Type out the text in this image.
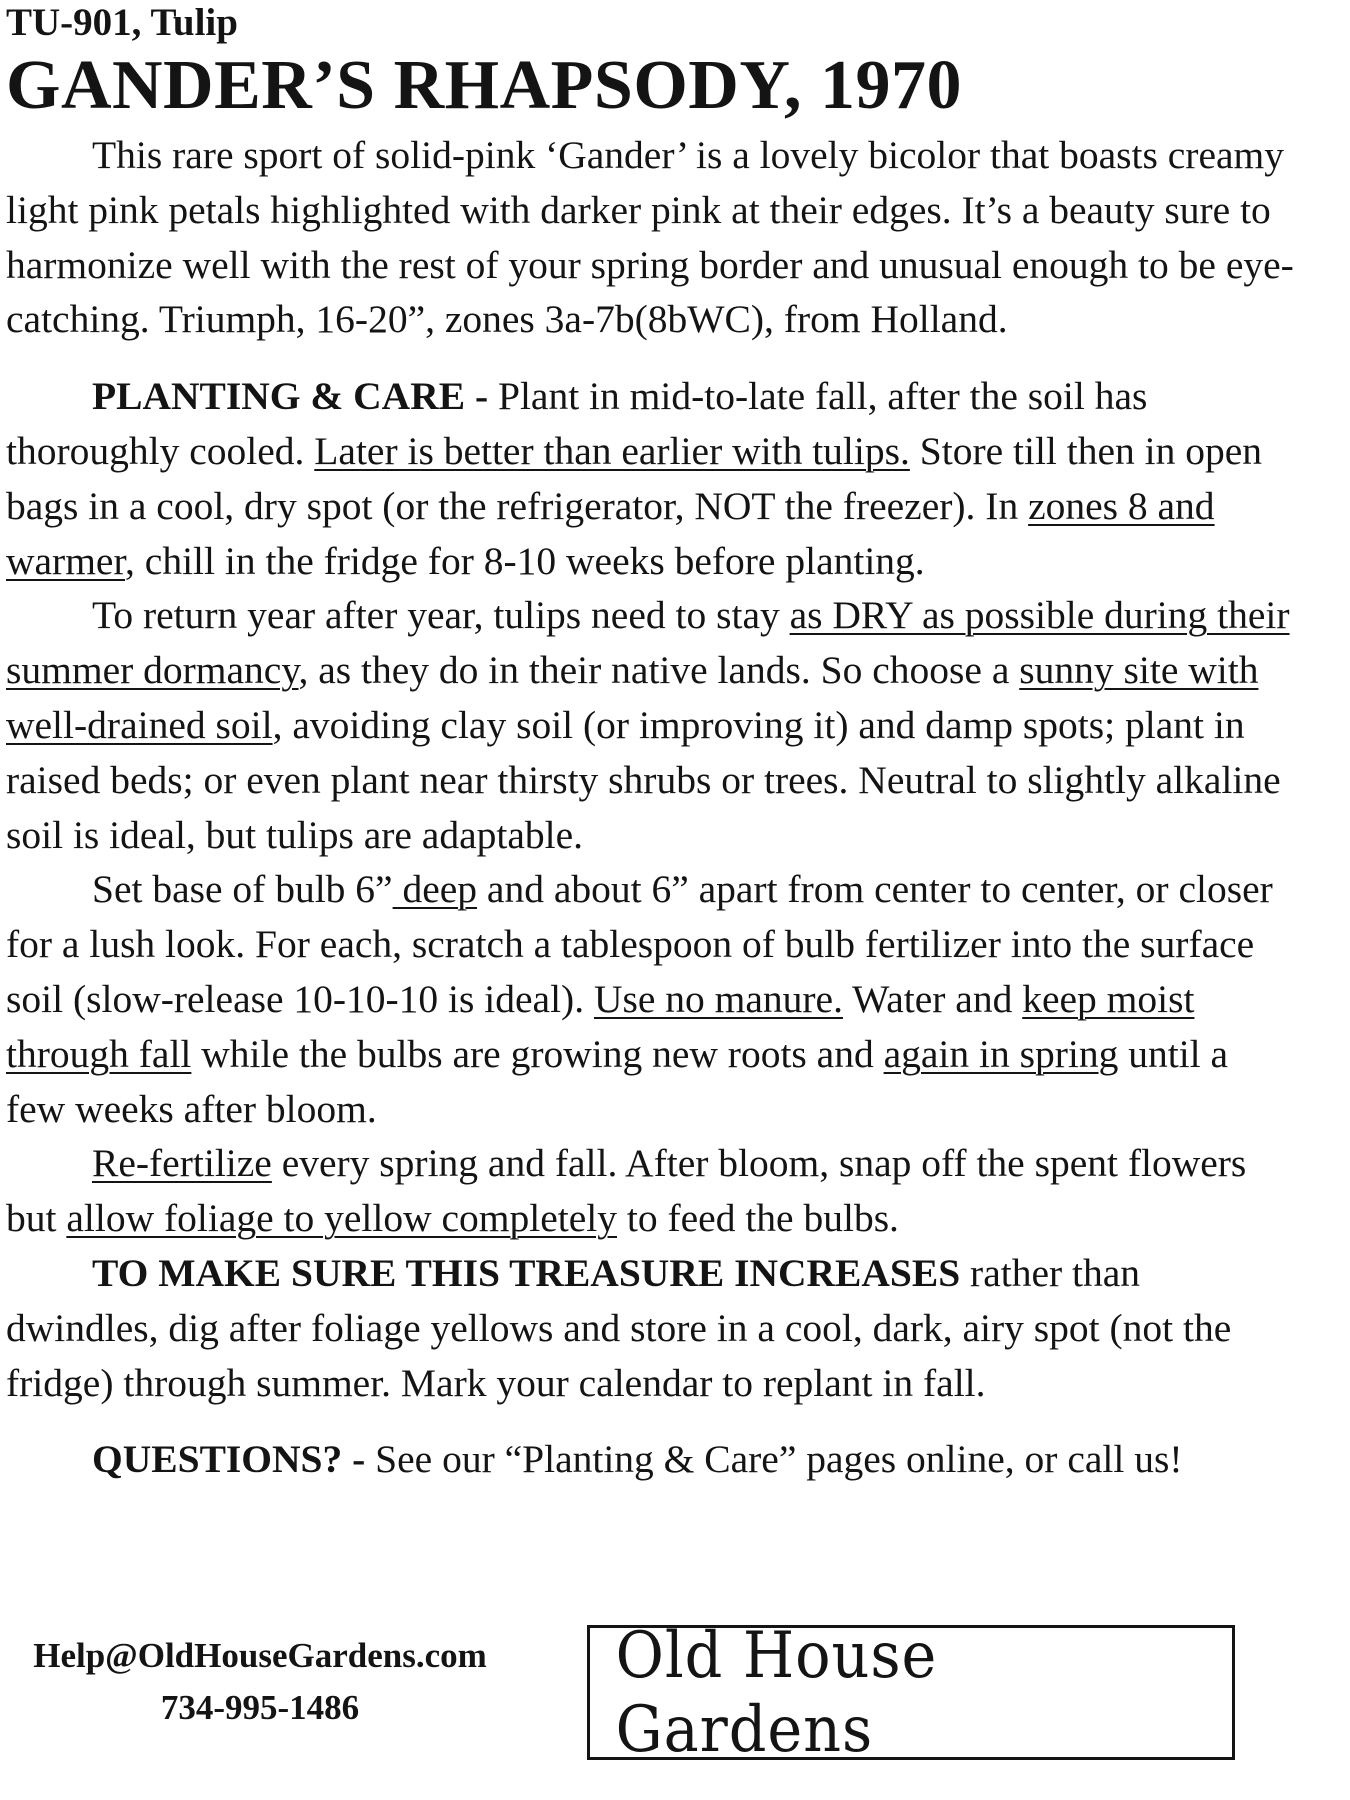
TU-901, Tulip
GANDER’S RHAPSODY, 1970

This rare sport of solid-pink ‘Gander’ is a lovely bicolor that boasts creamy light pink petals highlighted with darker pink at their edges. It’s a beauty sure to harmonize well with the rest of your spring border and unusual enough to be eye-catching. Triumph, 16-20”, zones 3a-7b(8bWC), from Holland.

PLANTING & CARE - Plant in mid-to-late fall, after the soil has thoroughly cooled. Later is better than earlier with tulips. Store till then in open bags in a cool, dry spot (or the refrigerator, NOT the freezer). In zones 8 and warmer, chill in the fridge for 8-10 weeks before planting.

To return year after year, tulips need to stay as DRY as possible during their summer dormancy, as they do in their native lands. So choose a sunny site with well-drained soil, avoiding clay soil (or improving it) and damp spots; plant in raised beds; or even plant near thirsty shrubs or trees. Neutral to slightly alkaline soil is ideal, but tulips are adaptable.

Set base of bulb 6” deep and about 6” apart from center to center, or closer for a lush look. For each, scratch a tablespoon of bulb fertilizer into the surface soil (slow-release 10-10-10 is ideal). Use no manure. Water and keep moist through fall while the bulbs are growing new roots and again in spring until a few weeks after bloom.

Re-fertilize every spring and fall. After bloom, snap off the spent flowers but allow foliage to yellow completely to feed the bulbs.

TO MAKE SURE THIS TREASURE INCREASES rather than dwindles, dig after foliage yellows and store in a cool, dark, airy spot (not the fridge) through summer. Mark your calendar to replant in fall.

QUESTIONS? - See our “Planting & Care” pages online, or call us!

Help@OldHouseGardens.com
734-995-1486
Old House Gardens
